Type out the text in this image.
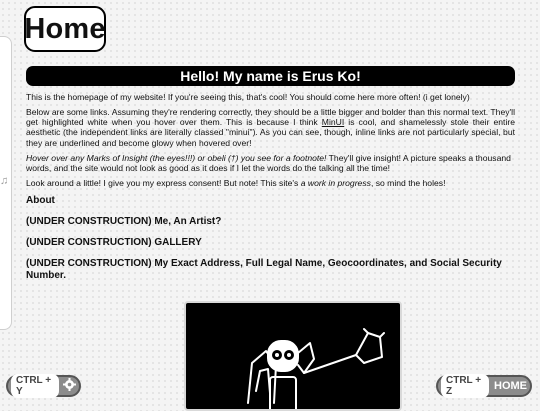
♫
Home
Hello! My name is Erus Ko!

This is the homepage of my website! If you're seeing this, that's cool! You should come here more often! (i get lonely)

Below are some links. Assuming they're rendering correctly, they should be a little bigger and bolder than this normal text. They'll get highlighted white when you hover over them. This is because I think MinUI is cool, and shamelessly stole their entire aesthetic (the independent links are literally classed "minui"). As you can see, though, inline links are not particularly special, but they are underlined and become glowy when hovered over!

Hover over any Marks of Insight (the eyes!!!) or obeli (†) you see for a footnote! They'll give insight! A picture speaks a thousand words, and the site would not look as good as it does if I let the words do the talking all the time!

Look around a little! I give you my express consent! But note! This site's a work in progress, so mind the holes!

About
(UNDER CONSTRUCTION) Me, An Artist?
(UNDER CONSTRUCTION) GALLERY
(UNDER CONSTRUCTION) My Exact Address, Full Legal Name, Geocoordinates, and Social Security Number.
CTRL + Y
CTRL + Z	HOME
